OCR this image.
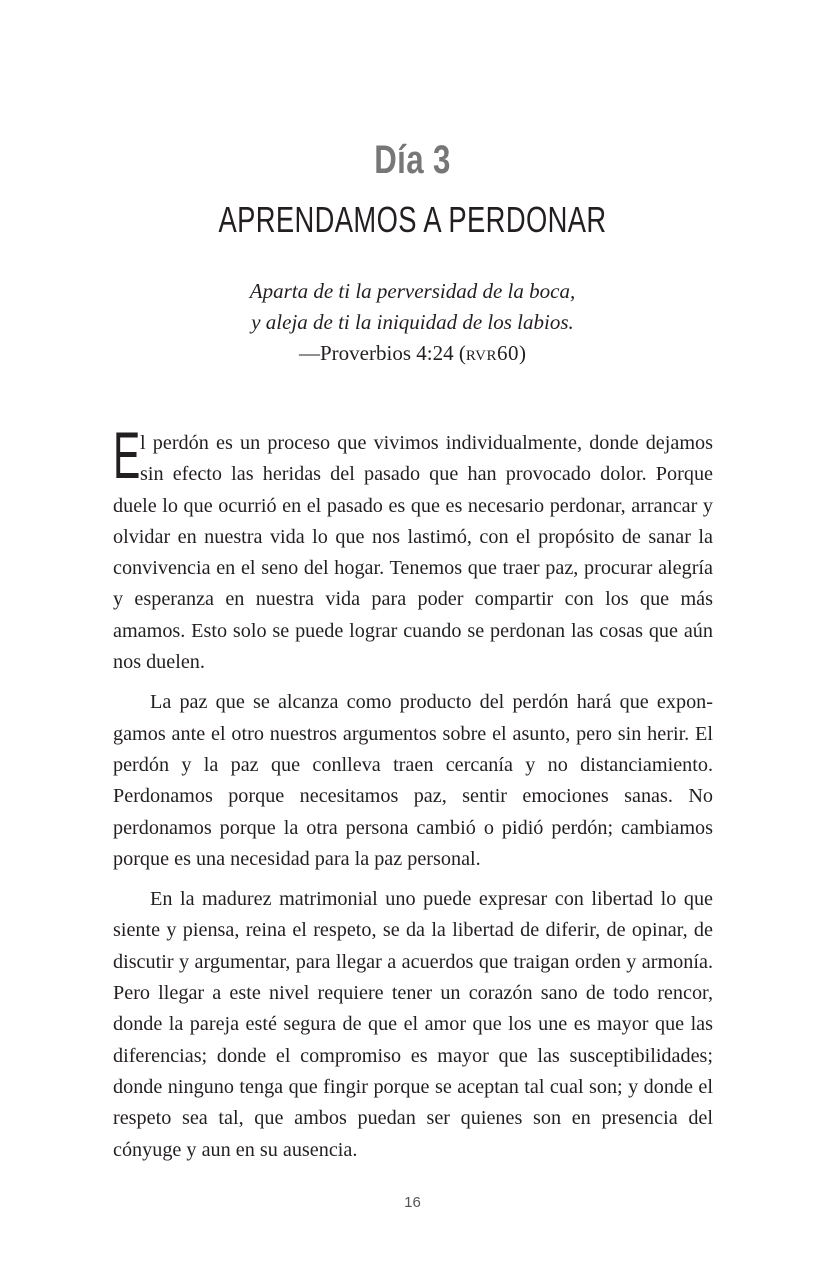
Día 3
APRENDAMOS A PERDONAR
Aparta de ti la perversidad de la boca,
y aleja de ti la iniquidad de los labios.
—Proverbios 4:24 (rvr60)

El perdón es un proceso que vivimos individualmente, donde dejamos sin efecto las heridas del pasado que han provocado dolor. Porque duele lo que ocurrió en el pasado es que es necesario perdonar, arrancar y olvidar en nuestra vida lo que nos lastimó, con el propósito de sanar la convivencia en el seno del hogar. Tenemos que traer paz, procurar alegría y esperanza en nuestra vida para poder compartir con los que más amamos. Esto solo se puede lograr cuando se perdonan las cosas que aún nos duelen.

La paz que se alcanza como producto del perdón hará que expongamos ante el otro nuestros argumentos sobre el asunto, pero sin herir. El perdón y la paz que conlleva traen cercanía y no distanciamiento. Perdonamos porque necesitamos paz, sentir emociones sanas. No perdonamos porque la otra persona cambió o pidió perdón; cambiamos porque es una necesidad para la paz personal.

En la madurez matrimonial uno puede expresar con libertad lo que siente y piensa, reina el respeto, se da la libertad de diferir, de opinar, de discutir y argumentar, para llegar a acuerdos que traigan orden y armonía. Pero llegar a este nivel requiere tener un corazón sano de todo rencor, donde la pareja esté segura de que el amor que los une es mayor que las diferencias; donde el compromiso es mayor que las susceptibilidades; donde ninguno tenga que fingir porque se aceptan tal cual son; y donde el respeto sea tal, que ambos puedan ser quienes son en presencia del cónyuge y aun en su ausencia.

16
